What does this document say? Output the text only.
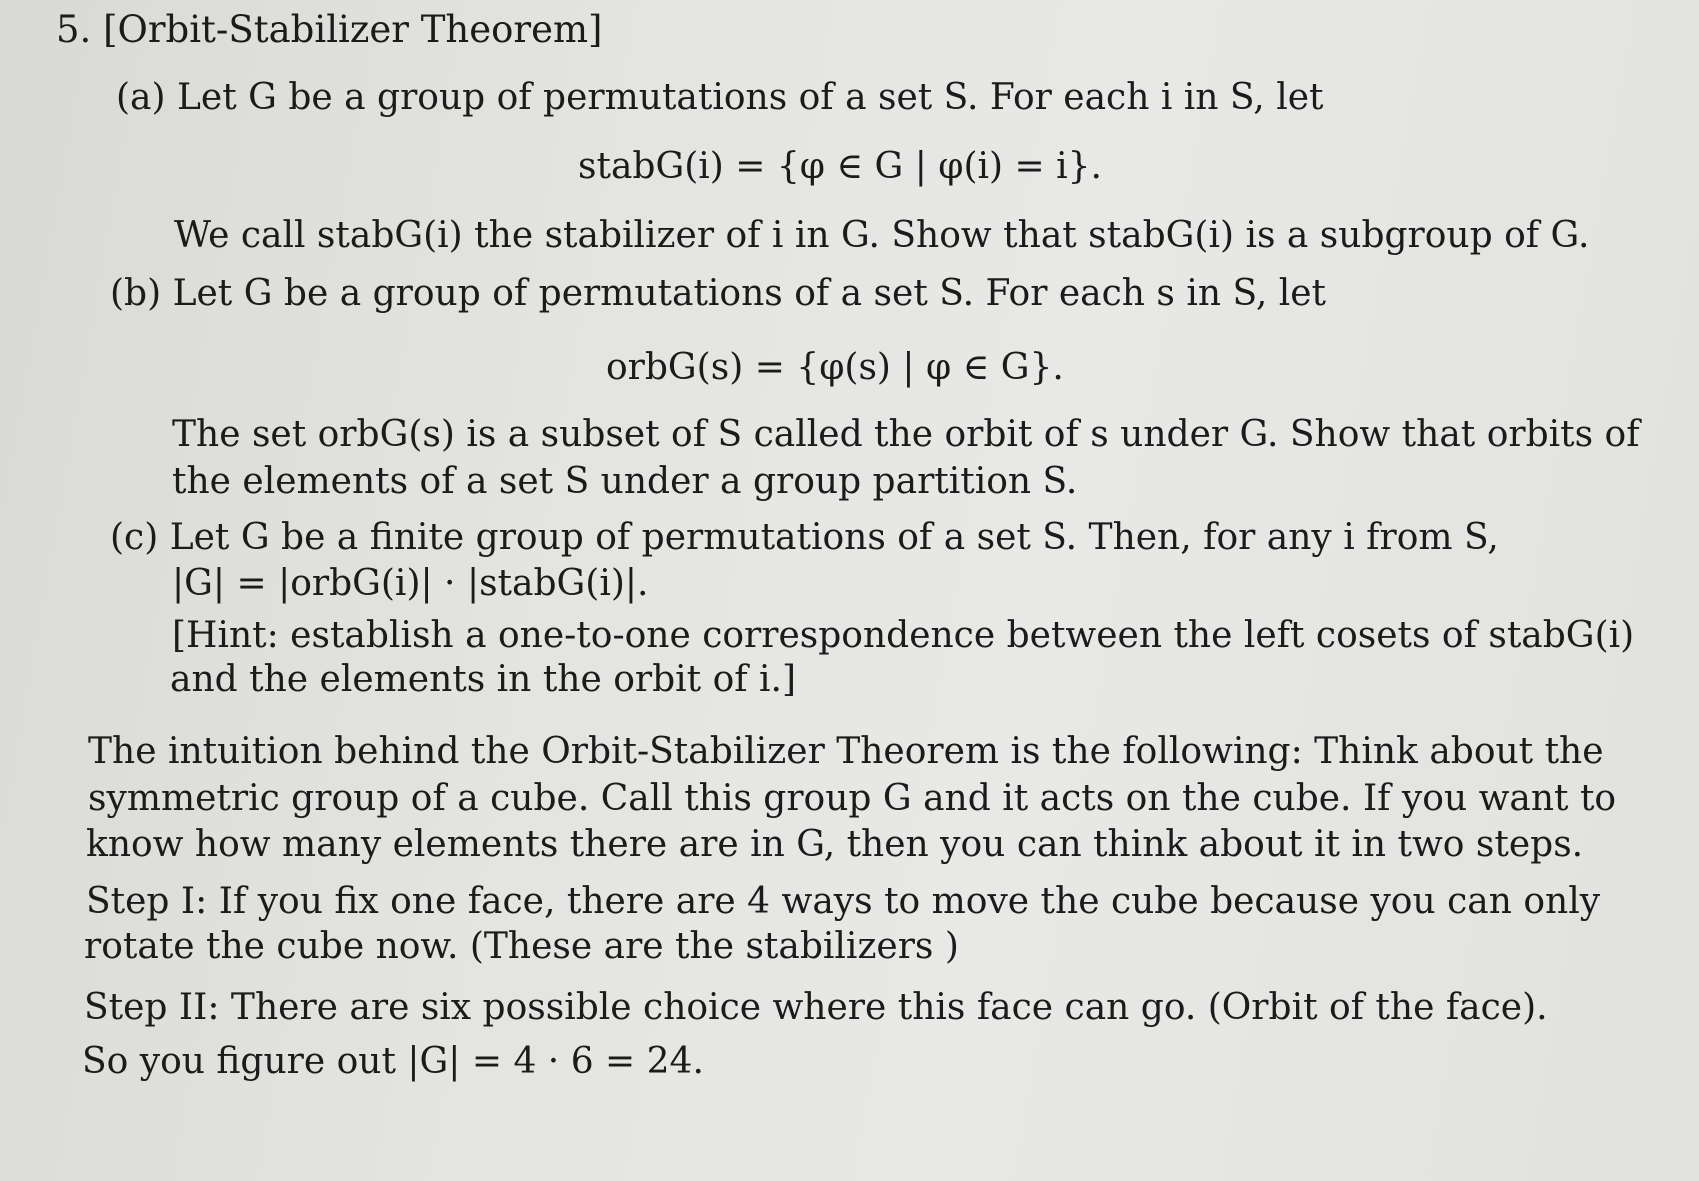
5. [Orbit-Stabilizer Theorem]
(a) Let G be a group of permutations of a set S. For each i in S, let
stabG(i) = {φ ∈ G | φ(i) = i}.
We call stabG(i) the stabilizer of i in G. Show that stabG(i) is a subgroup of G.
(b) Let G be a group of permutations of a set S. For each s in S, let
orbG(s) = {φ(s) | φ ∈ G}.
The set orbG(s) is a subset of S called the orbit of s under G. Show that orbits of
the elements of a set S under a group partition S.
(c) Let G be a finite group of permutations of a set S. Then, for any i from S,
|G| = |orbG(i)| · |stabG(i)|.
[Hint: establish a one-to-one correspondence between the left cosets of stabG(i)
and the elements in the orbit of i.]
The intuition behind the Orbit-Stabilizer Theorem is the following: Think about the
symmetric group of a cube. Call this group G and it acts on the cube. If you want to
know how many elements there are in G, then you can think about it in two steps.
Step I: If you fix one face, there are 4 ways to move the cube because you can only
rotate the cube now. (These are the stabilizers )
Step II: There are six possible choice where this face can go. (Orbit of the face).
So you figure out |G| = 4 · 6 = 24.
